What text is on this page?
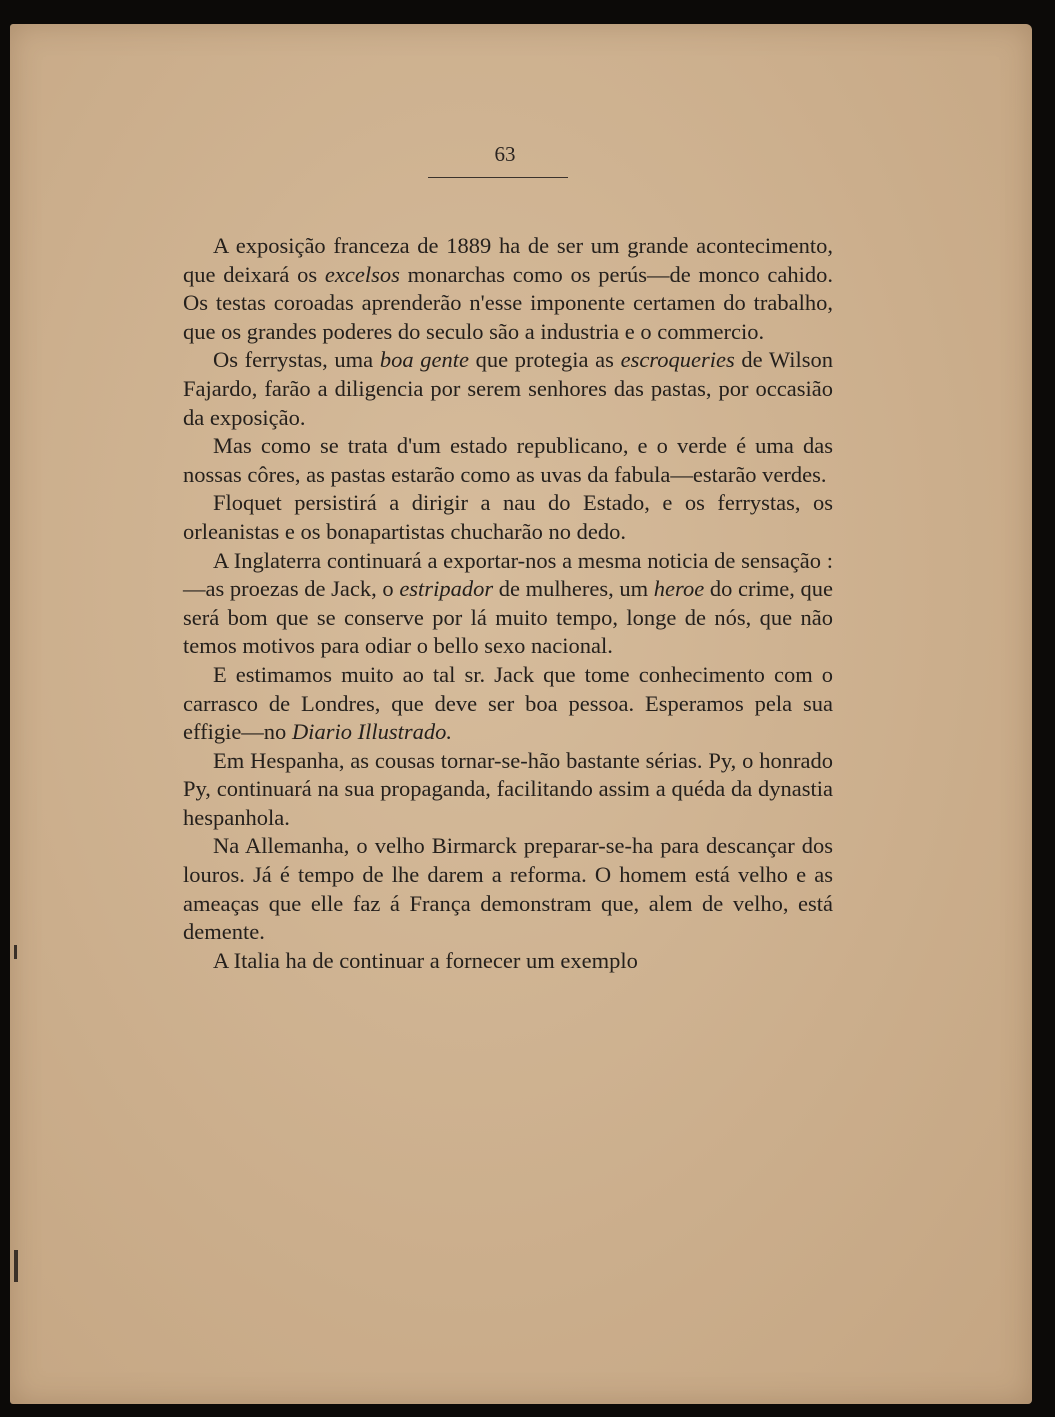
63

A exposição franceza de 1889 ha de ser um grande acontecimento, que deixará os excelsos monarchas como os perús—de monco cahido. Os testas coroadas aprenderão n'esse imponente certamen do trabalho, que os grandes poderes do seculo são a industria e o commercio.

Os ferrystas, uma boa gente que protegia as escroqueries de Wilson Fajardo, farão a diligencia por serem senhores das pastas, por occasião da exposição.

Mas como se trata d'um estado republicano, e o verde é uma das nossas côres, as pastas estarão como as uvas da fabula—estarão verdes.

Floquet persistirá a dirigir a nau do Estado, e os ferrystas, os orleanistas e os bonapartistas chucharão no dedo.

A Inglaterra continuará a exportar-nos a mesma noticia de sensação :—as proezas de Jack, o estripador de mulheres, um heroe do crime, que será bom que se conserve por lá muito tempo, longe de nós, que não temos motivos para odiar o bello sexo nacional.

E estimamos muito ao tal sr. Jack que tome conhecimento com o carrasco de Londres, que deve ser boa pessoa. Esperamos pela sua effigie—no Diario Illustrado.

Em Hespanha, as cousas tornar-se-hão bastante sérias. Py, o honrado Py, continuará na sua propaganda, facilitando assim a quéda da dynastia hespanhola.

Na Allemanha, o velho Birmarck preparar-se-ha para descançar dos louros. Já é tempo de lhe darem a reforma. O homem está velho e as ameaças que elle faz á França demonstram que, alem de velho, está demente.

A Italia ha de continuar a fornecer um exemplo
